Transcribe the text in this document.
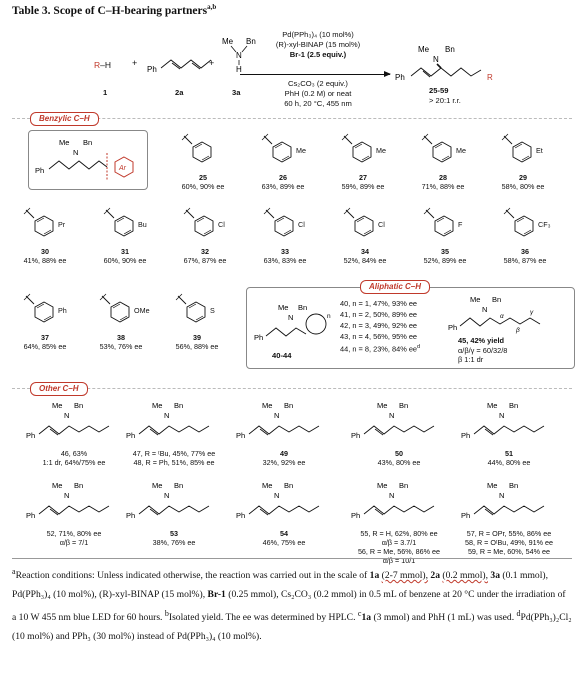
Table 3. Scope of C–H-bearing partners$^{a,b}$
R–H
1
+
Ph
2a
+
Me Bn
N
H
3a
Pd(PPh₃)₄ (10 mol%)
(R)-xyl-BINAP (15 mol%)
Br-1 (2.5 equiv.)
Cs₂CO₃ (2 equiv.)
PhH (0.2 M) or neat
60 h, 20 °C, 455 nm
Me Bn
N
Ph	R
25-59
> 20:1 r.r.
Benzylic C–H
Me Bn
N
Ph	Ar
25
60%, 90% ee
Me
26
63%, 89% ee
Me
27
59%, 89% ee
Me
28
71%, 88% ee
Et
29
58%, 80% ee
Pr
30
41%, 88% ee
Bu
31
60%, 90% ee
Cl
32
67%, 87% ee
Cl
33
63%, 83% ee
Cl
34
52%, 84% ee
F
35
52%, 89% ee
CF₃
36
58%, 87% ee
Ph
37
64%, 85% ee
OMe
38
53%, 76% ee
S
39
56%, 88% ee
Aliphatic C–H
Me Bn
N
Ph
n
40-44
40, n = 1, 47%, 93% ee
41, n = 2, 50%, 89% ee
42, n = 3, 49%, 92% ee
43, n = 4, 56%, 95% ee
44, n = 8, 23%, 84% $ee^d$
Me Bn
N
Ph
α
β
γ
45, 42% yield
α/β/γ = 60/32/8
β 1:1 dr
Other C–H
Me Bn
N
Ph
46, 63%
1:1 dr, 64%/75% ee
Me Bn
N
Ph
47, R = ᵗBu, 45%, 77% ee
48, R = Ph, 51%, 85% ee
Me Bn
N
Ph
49
32%, 92% ee
Me Bn
N
Ph
50
43%, 80% ee
Me Bn
N
Ph
51
44%, 80% ee
Me Bn
N
Ph
52, 71%, 80% ee
α/β = 7/1
Me Bn
N
Ph
53
38%, 76% ee
Me Bn
N
Ph
54
46%, 75% ee
Me Bn
N
Ph
55, R = H, 62%, 80% ee
α/β = 3.7/1
56, R = Me, 56%, 86% ee
α/β = 10/1
Me Bn
N
Ph
57, R = OPr, 55%, 86% ee
58, R = OᵗBu, 49%, 91% ee
59, R = Me, 60%, 54% ee
$^a$Reaction conditions: Unless indicated otherwise, the reaction was carried out in the scale of 1a (2-7 mmol), 2a (0.2 mmol), 3a (0.1 mmol), Pd(PPh₃)₄ (10 mol%), (R)-xyl-BINAP (15 mol%), Br-1 (0.25 mmol), Cs₂CO₃ (0.2 mmol) in 0.5 mL of benzene at 20 °C under the irradiation of a 10 W 455 nm blue LED for 60 hours. $^b$Isolated yield. The ee was determined by HPLC. $^c$1a (3 mmol) and PhH (1 mL) was used. $^d$Pd(PPh₃)₂Cl₂ (10 mol%) and PPh₃ (30 mol%) instead of Pd(PPh₃)₄ (10 mol%).
